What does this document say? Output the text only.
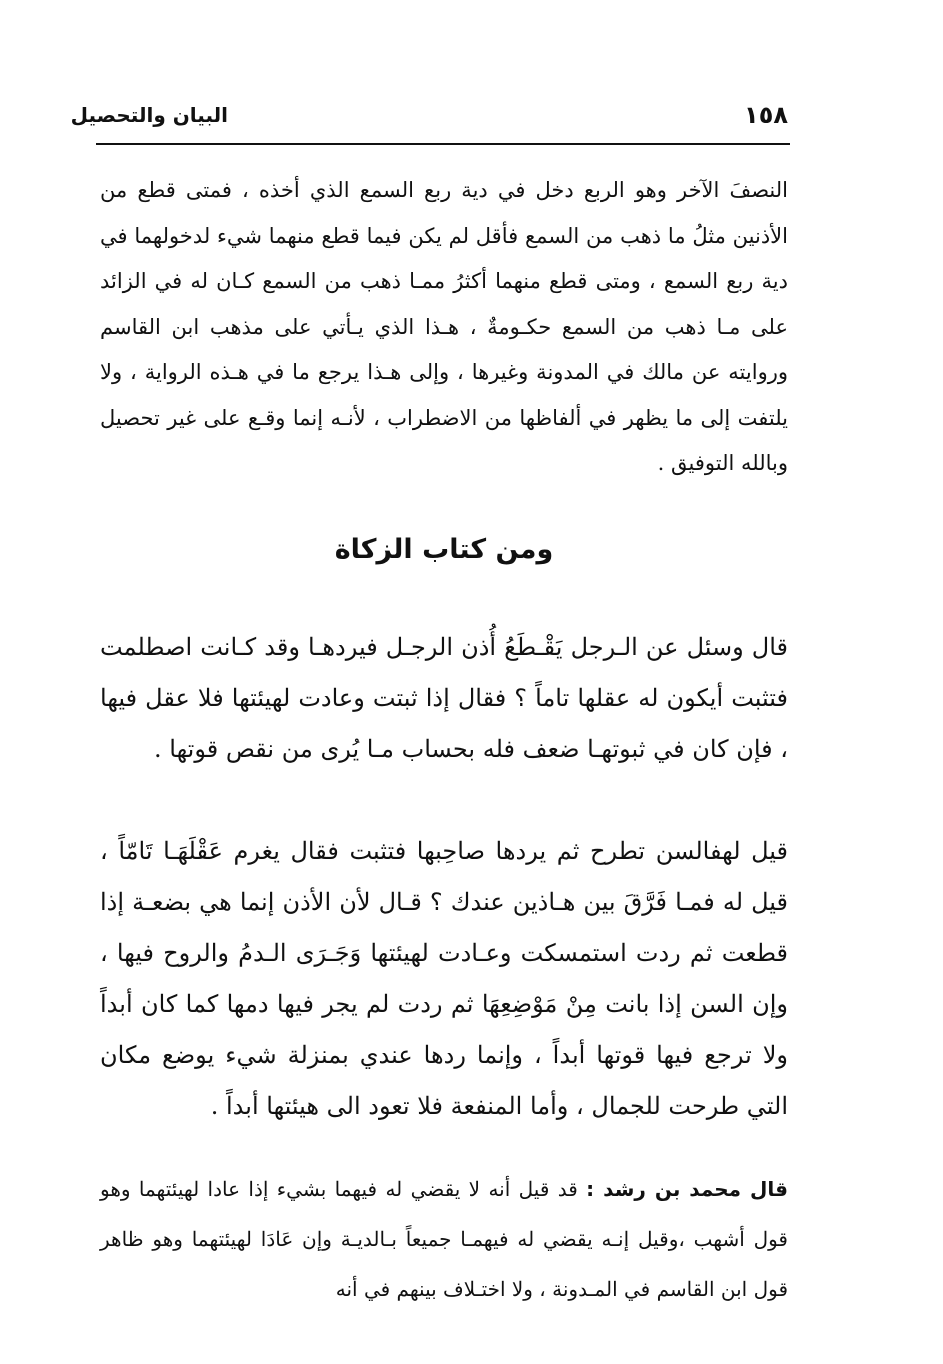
١٥٨
البيان والتحصيل

النصفَ الآخر وهو الربع دخل في دية ربع السمع الذي أخذه ، فمتى قطع من الأذنين مثلُ ما ذهب من السمع فأقل لم يكن فيما قطع منهما شيء لدخولهما في دية ربع السمع ، ومتى قطع منهما أكثرُ ممـا ذهب من السمع كـان له في الزائد على مـا ذهب من السمع حكـومةٌ ، هـذا الذي يـأتي على مذهب ابن القاسم وروايته عن مالك في المدونة وغيرها ، وإلى هـذا يرجع ما في هـذه الرواية ، ولا يلتفت إلى ما يظهر في ألفاظها من الاضطراب ، لأنـه إنما وقـع على غير تحصيل وبالله التوفيق .

ومن كتاب الزكاة

قال وسئل عن الـرجل يَقْـطَعُ أُذن الرجـل فيردهـا وقد كـانت اصطلمت فتثبت أيكون له عقلها تاماً ؟ فقال إذا ثبتت وعادت لهيئتها فلا عقل فيها ، فإن كان في ثبوتهـا ضعف فله بحساب مـا يُرى من نقص قوتها .

قيل لهفالسن تطرح ثم يردها صاحِبها فتثبت فقال يغرم عَقْلَهَـا تَامّاً ، قيل له فمـا فَرَّقَ بين هـاذين عندك ؟ قـال لأن الأذن إنما هي بضعـة إذا قطعت ثم ردت استمسكت وعـادت لهيئتها وَجَـرَى الـدمُ والروح فيها ، وإن السن إذا بانت مِنْ مَوْضِعِهَا ثم ردت لم يجر فيها دمها كما كان أبداً ولا ترجع فيها قوتها أبداً ، وإنما ردها عندي بمنزلة شيء يوضع مكان التي طرحت للجمال ، وأما المنفعة فلا تعود الى هيئتها أبداً .

قال محمد بن رشد : قد قيل أنه لا يقضي له فيهما بشيء إذا عادا لهيئتهما وهو قول أشهب ،وقيل إنـه يقضي له فيهمـا جميعاً بـالديـة وإن عَادَا لهيئتهما وهو ظاهر قول ابن القاسم في المـدونة ، ولا اختـلاف بينهم في أنه
